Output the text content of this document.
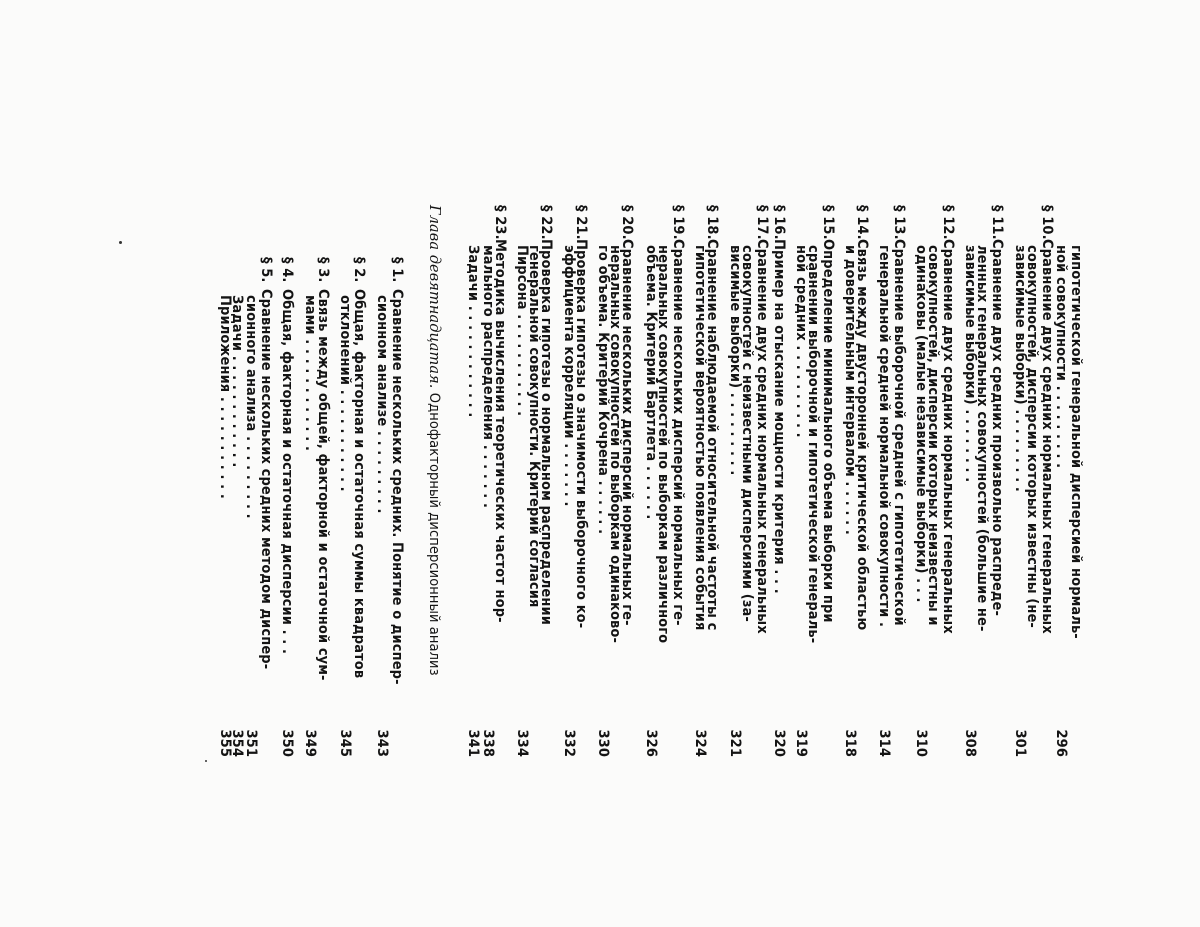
гипотетической генеральной дисперсией нормаль-
ной совокупности . . . . . . . . .
296
§ 10.
Сравнение двух средних нормальных генеральных
совокупностей, дисперсии которых известны (не-
зависимые выборки) . . . . . . . . .
301
§ 11.
Сравнение двух средних произвольно распреде-
ленных генеральных совокупностей (большие не-
зависимые выборки) . . . . . . . .
308
§ 12.
Сравнение двух средних нормальных генеральных
совокупностей, дисперсии которых неизвестны и
одинаковы (малые независимые выборки) . . .
310
§ 13.
Сравнение выборочной средней с гипотетической
генеральной средней нормальной совокупности .
314
§ 14.
Связь между двусторонней критической областью
и доверительным интервалом . . . . . .
318
§ 15.
Определение минимального объема выборки при
сравнении выборочной и гипотетической генераль-
ной средних . . . . . . . . . .
319
§ 16.
Пример на отыскание мощности критерия . . .
320
§ 17.
Сравнение двух средних нормальных генеральных
совокупностей с неизвестными дисперсиями (за-
висимые выборки) . . . . . . . . .
321
§ 18.
Сравнение наблюдаемой относительной частоты с
гипотетической вероятностью появления события
324
§ 19.
Сравнение нескольких дисперсий нормальных ге-
неральных совокупностей по выборкам различного
объема. Критерий Бартлета . . . . . .
326
§ 20.
Сравнение нескольких дисперсий нормальных ге-
неральных совокупностей по выборкам одинаково-
го объема. Критерий Кочрена . . . . . .
330
§ 21.
Проверка гипотезы о значимости выборочного ко-
эффициента корреляции . . . . . . .
332
§ 22.
Проверка гипотезы о нормальном распределении
генеральной совокупности. Критерий согласия
Пирсона . . . . . . . . . . .
334
§ 23.
Методика вычисления теоретических частот нор-
мального распределения . . . . . . .
338
Задачи . . . . . . . . . . . .
341
Глава девятнадцатая. Однофакторный дисперсионный анализ
§ 1.
Сравнение нескольких средних. Понятие о диспер-
сионном анализе . . . . . . . . .
343
§ 2.
Общая, факторная и остаточная суммы квадратов
отклонений . . . . . . . . . . .
345
§ 3.
Связь между общей, факторной и остаточной сум-
мами . . . . . . . . . . . .
349
§ 4.
Общая, факторная и остаточная дисперсии . . .
350
§ 5.
Сравнение нескольких средних методом диспер-
сионного анализа . . . . . . . . .
351
Задачи . . . . . . . . . . . .
354
Приложения . . . . . . . . . . .
355
